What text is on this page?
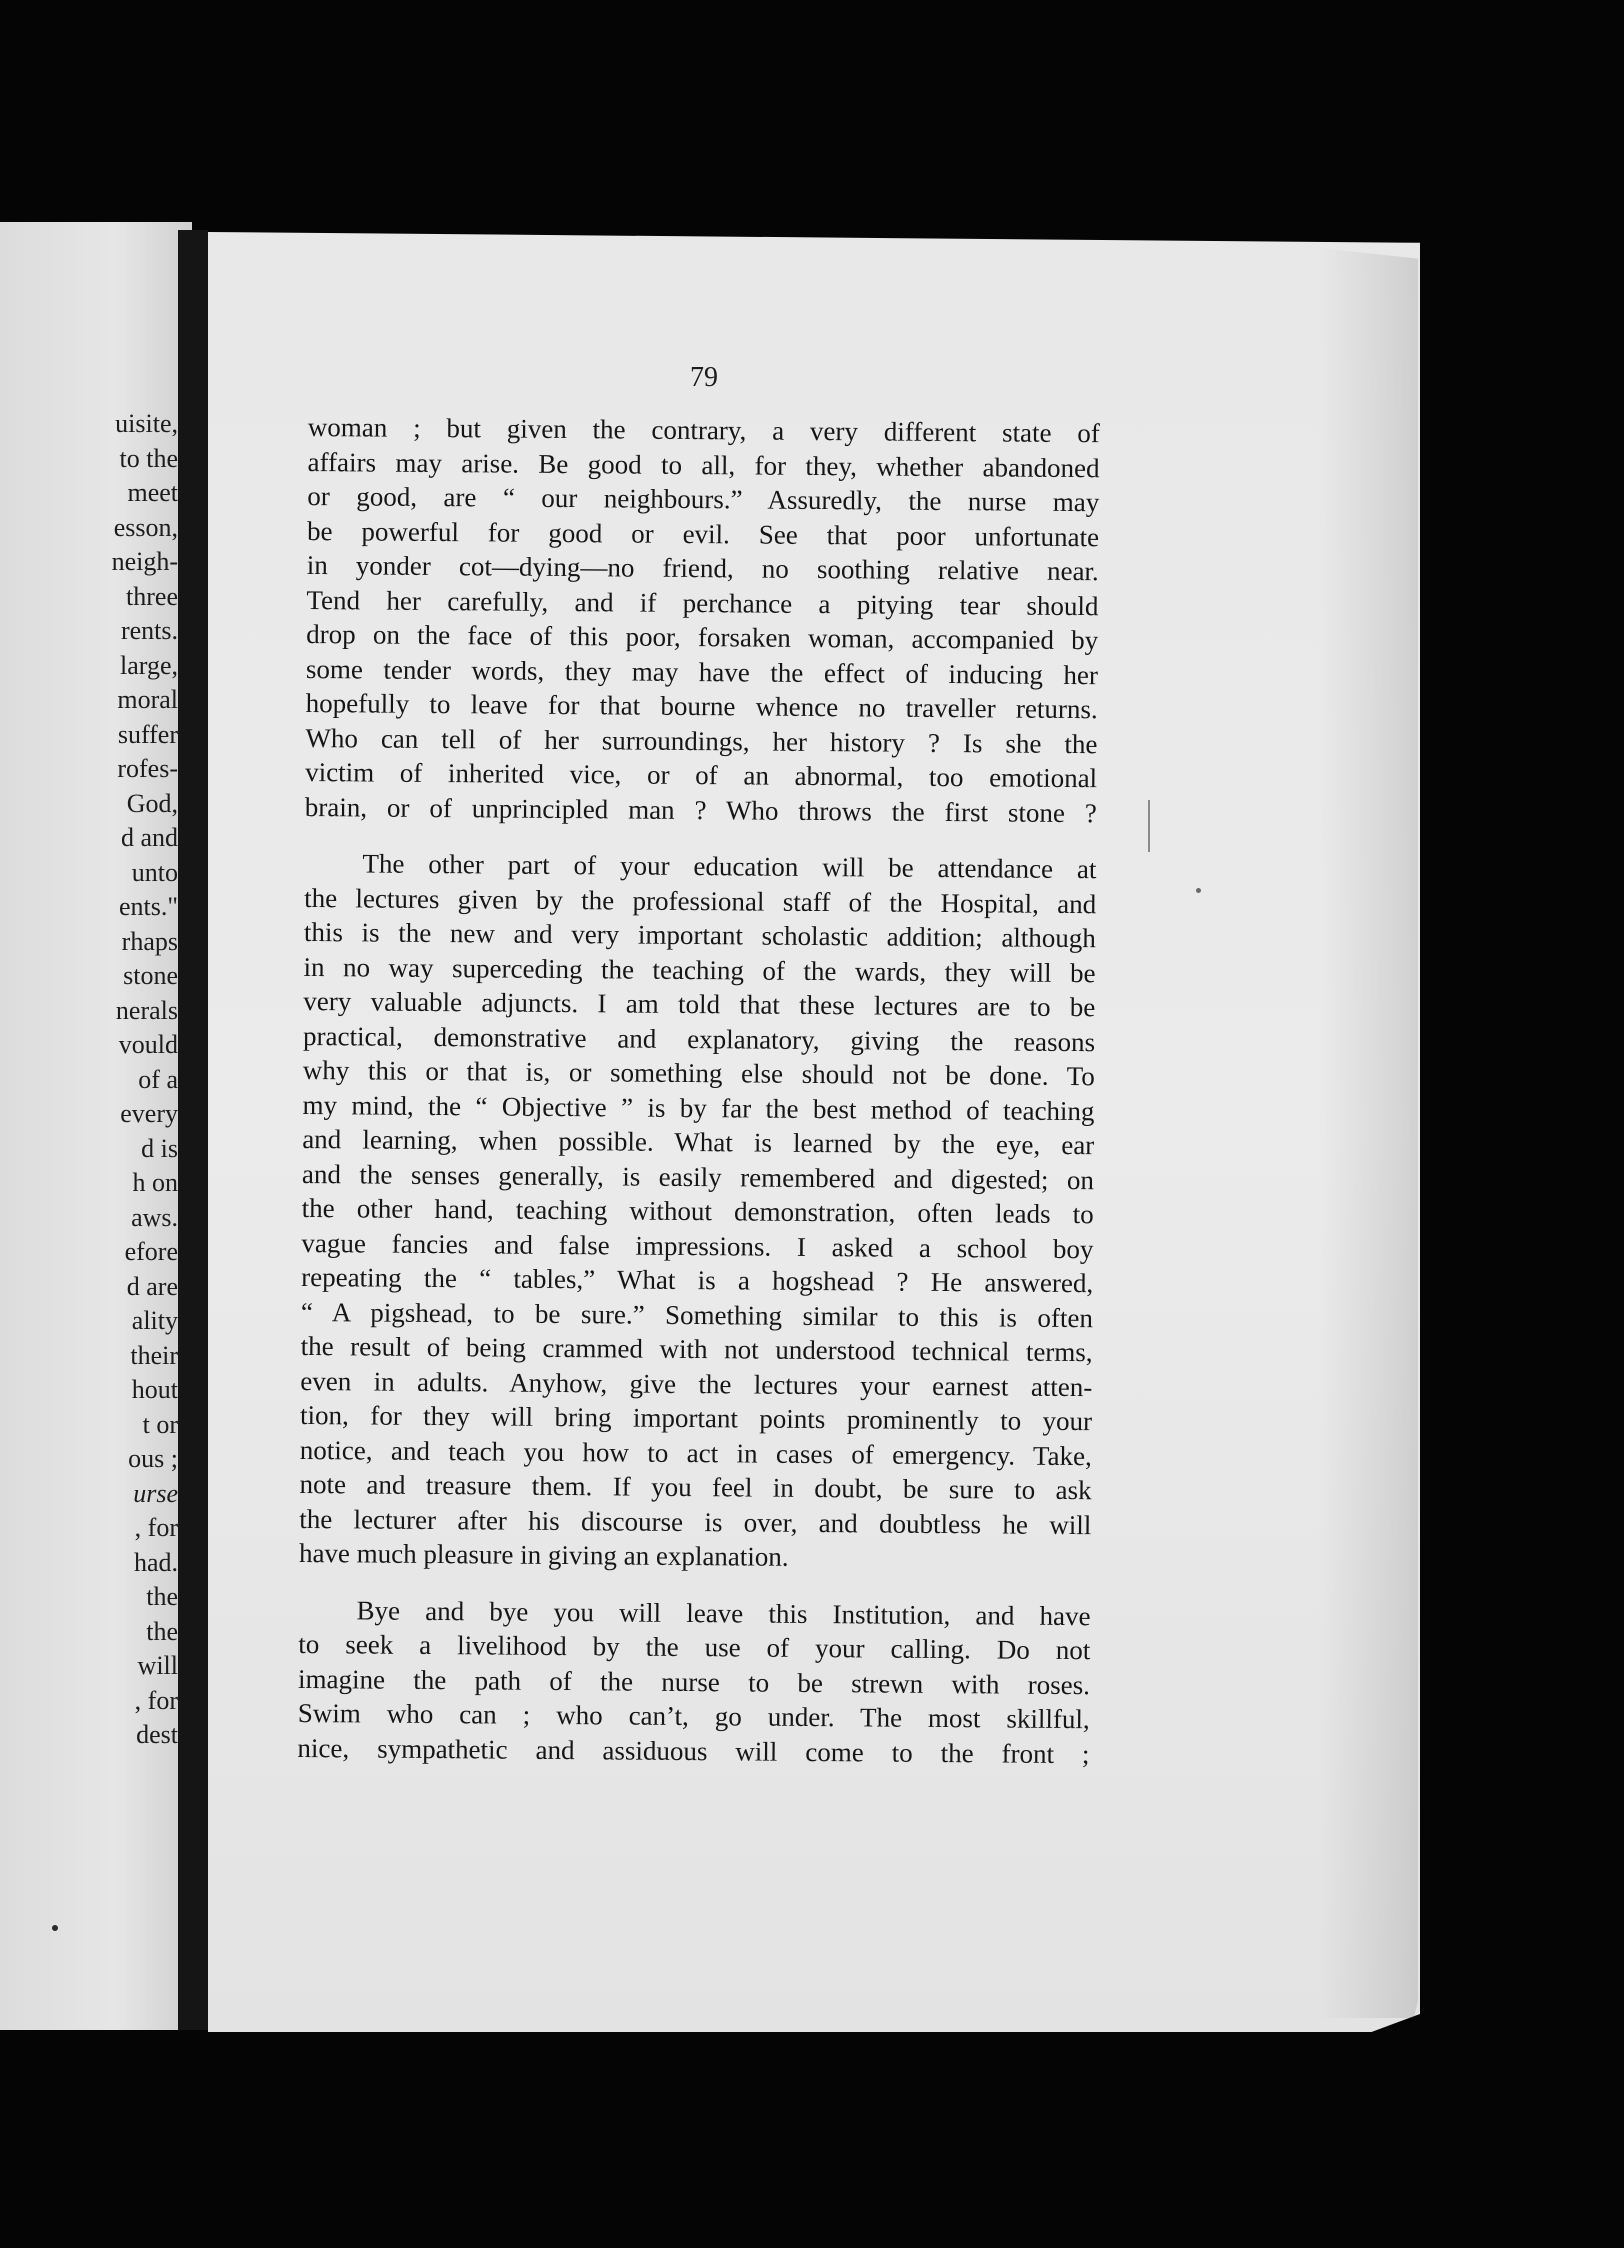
uisite,
to the
meet
esson,
neigh-
three
rents.
large,
moral
suffer
rofes-
God,
d and
unto
ents."
rhaps
stone
nerals
vould
of a
every
d is
h on
aws.
efore
d are
ality
their
hout
t or
ous ;
urse
, for
had.
the
the
will
, for
dest
79

woman ; but given the contrary, a very different state of
affairs may arise. Be good to all, for they, whether abandoned
or good, are “ our neighbours.” Assuredly, the nurse may
be powerful for good or evil. See that poor unfortunate
in yonder cot—dying—no friend, no soothing relative near.
Tend her carefully, and if perchance a pitying tear should
drop on the face of this poor, forsaken woman, accompanied by
some tender words, they may have the effect of inducing her
hopefully to leave for that bourne whence no traveller returns.
Who can tell of her surroundings, her history ? Is she the
victim of inherited vice, or of an abnormal, too emotional
brain, or of unprincipled man ? Who throws the first stone ?

The other part of your education will be attendance at
the lectures given by the professional staff of the Hospital, and
this is the new and very important scholastic addition; although
in no way superceding the teaching of the wards, they will be
very valuable adjuncts. I am told that these lectures are to be
practical, demonstrative and explanatory, giving the reasons
why this or that is, or something else should not be done. To
my mind, the “ Objective ” is by far the best method of teaching
and learning, when possible. What is learned by the eye, ear
and the senses generally, is easily remembered and digested; on
the other hand, teaching without demonstration, often leads to
vague fancies and false impressions. I asked a school boy
repeating the “ tables,” What is a hogshead ? He answered,
“ A pigshead, to be sure.” Something similar to this is often
the result of being crammed with not understood technical terms,
even in adults. Anyhow, give the lectures your earnest atten-
tion, for they will bring important points prominently to your
notice, and teach you how to act in cases of emergency. Take,
note and treasure them. If you feel in doubt, be sure to ask
the lecturer after his discourse is over, and doubtless he will
have much pleasure in giving an explanation.

Bye and bye you will leave this Institution, and have
to seek a livelihood by the use of your calling. Do not
imagine the path of the nurse to be strewn with roses.
Swim who can ; who can’t, go under. The most skillful,
nice, sympathetic and assiduous will come to the front ;
